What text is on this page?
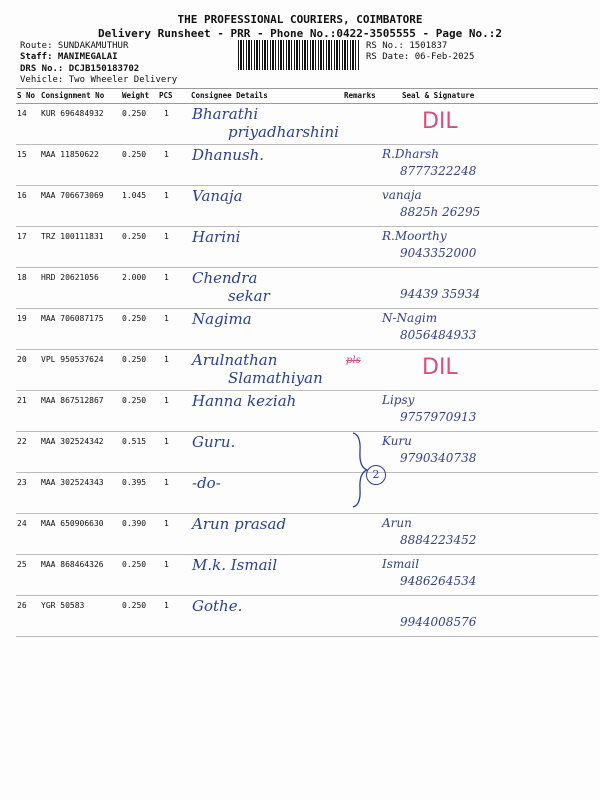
THE PROFESSIONAL COURIERS, COIMBATORE
Delivery Runsheet - PRR - Phone No.:0422-3505555 - Page No.:2
Route: SUNDAKAMUTHUR
Staff: MANIMEGALAI
DRS No.: DCJB150183702
Vehicle: Two Wheeler Delivery
RS No.: 1501837
RS Date: 06-Feb-2025
S No Consignment No Weight PCS Consignee Details	Remarks	Seal & Signature
14 KUR 696484932 0.250 1 Bharathi
priyadharshini	DIL
15 MAA 11850622	0.250 1 Dhanush.	R.Dharsh
8777322248
16 MAA 706673069 1.045 1 Vanaja	vanaja
8825h 26295
17 TRZ 100111831 0.250 1 Harini	R.Moorthy
9043352000
18 HRD 20621056	2.000 1 Chendra
sekar	94439 35934
19 MAA 706087175 0.250 1 Nagima	N-Nagim
8056484933
20 VPL 950537624 0.250 1 Arulnathan
Slamathiyan
pls	DIL
21 MAA 867512867 0.250 1 Hanna keziah	Lipsy
9757970913
22 MAA 302524342 0.515 1 Guru.	Kuru
9790340738
2
23 MAA 302524343 0.395 1 -do-
24 MAA 650906630 0.390 1 Arun prasad	Arun
8884223452
25 MAA 868464326 0.250 1 M.k. Ismail	Ismail
9486264534
26 YGR 50583	0.250 1 Gothe.
9944008576
